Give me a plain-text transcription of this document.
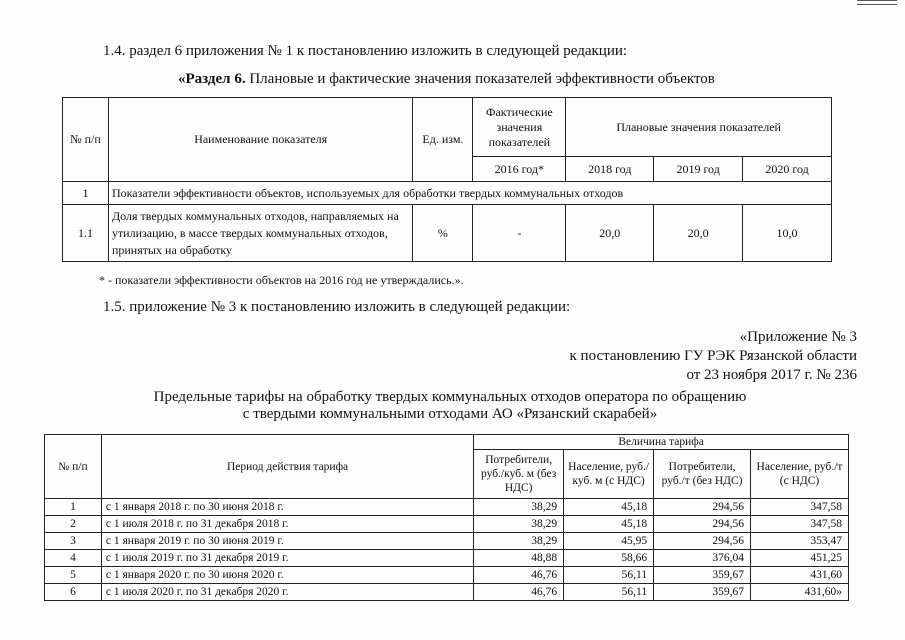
1.4. раздел 6 приложения № 1 к постановлению изложить в следующей редакции:
«Раздел 6. Плановые и фактические значения показателей эффективности объектов
№ п/п	Наименование показателя	Ед. изм.	Фактические значения показателей	Плановые значения показателей		
			2016 год*	2018 год	2019 год	2020 год
1	Показатели эффективности объектов, используемых для обработки твердых коммунальных отходов					
1.1	Доля твердых коммунальных отходов, направляемых на утилизацию, в массе твердых коммунальных отходов, принятых на обработку	%	-	20,0	20,0	10,0
* - показатели эффективности объектов на 2016 год не утверждались.».
1.5. приложение № 3 к постановлению изложить в следующей редакции:
«Приложение № 3
к постановлению ГУ РЭК Рязанской области
от 23 ноября 2017 г. № 236
Предельные тарифы на обработку твердых коммунальных отходов оператора по обращению
с твердыми коммунальными отходами АО «Рязанский скарабей»
№ п/п	Период действия тарифа	Величина тарифа			
		Потребители, руб./куб. м (без НДС)	Население, руб./куб. м (с НДС)	Потребители, руб./т (без НДС)	Население, руб./т (с НДС)
1	с 1 января 2018 г. по 30 июня 2018 г.	38,29	45,18	294,56	347,58
2	с 1 июля 2018 г. по 31 декабря 2018 г.	38,29	45,18	294,56	347,58
3	с 1 января 2019 г. по 30 июня 2019 г.	38,29	45,95	294,56	353,47
4	с 1 июля 2019 г. по 31 декабря 2019 г.	48,88	58,66	376,04	451,25
5	с 1 января 2020 г. по 30 июня 2020 г.	46,76	56,11	359,67	431,60
6	с 1 июля 2020 г. по 31 декабря 2020 г.	46,76	56,11	359,67	431,60»
